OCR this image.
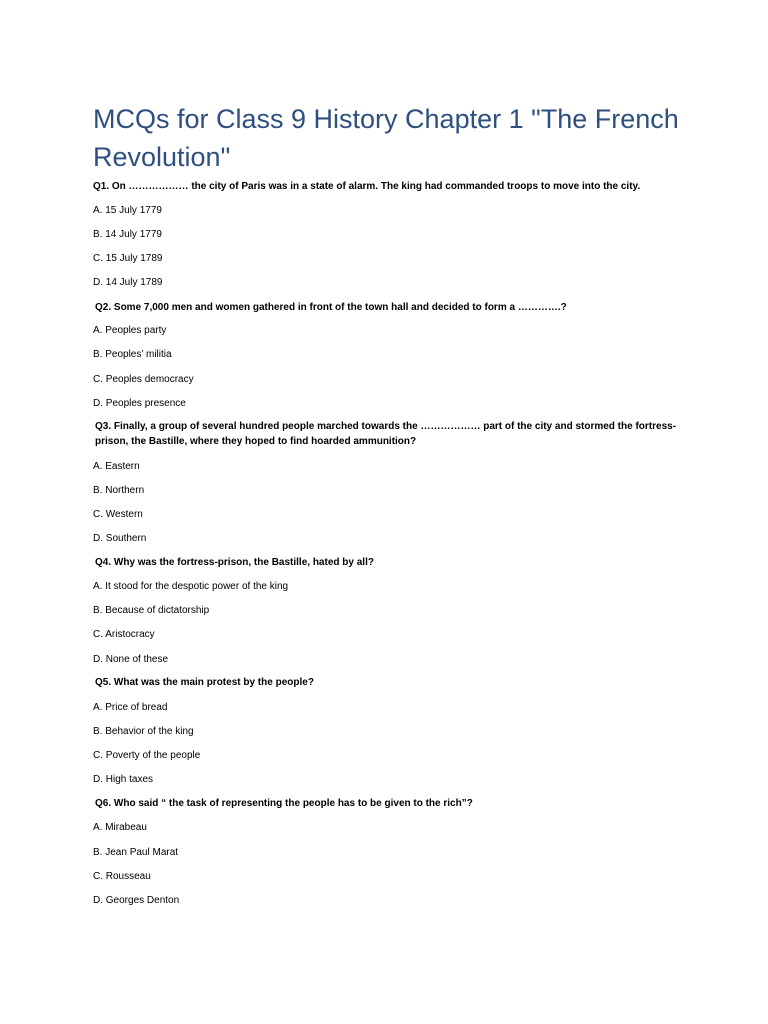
MCQs for Class 9 History Chapter 1 "The French Revolution"
Q1. On ……………… the city of Paris was in a state of alarm. The king had commanded troops to move into the city.
A. 15 July 1779
B. 14 July 1779
C. 15 July 1789
D. 14 July 1789
Q2. Some 7,000 men and women gathered in front of the town hall and decided to form a ………….?
A. Peoples party
B. Peoples’ militia
C. Peoples democracy
D. Peoples presence
Q3. Finally, a group of several hundred people marched towards the ……………… part of the city and stormed the fortress-prison, the Bastille, where they hoped to find hoarded ammunition?
A. Eastern
B. Northern
C. Western
D. Southern
Q4. Why was the fortress-prison, the Bastille, hated by all?
A. It stood for the despotic power of the king
B. Because of dictatorship
C. Aristocracy
D. None of these
Q5. What was the main protest by the people?
A. Price of bread
B. Behavior of the king
C. Poverty of the people
D. High taxes
Q6. Who said “ the task of representing the people has to be given to the rich”?
A. Mirabeau
B. Jean Paul Marat
C. Rousseau
D. Georges Denton
